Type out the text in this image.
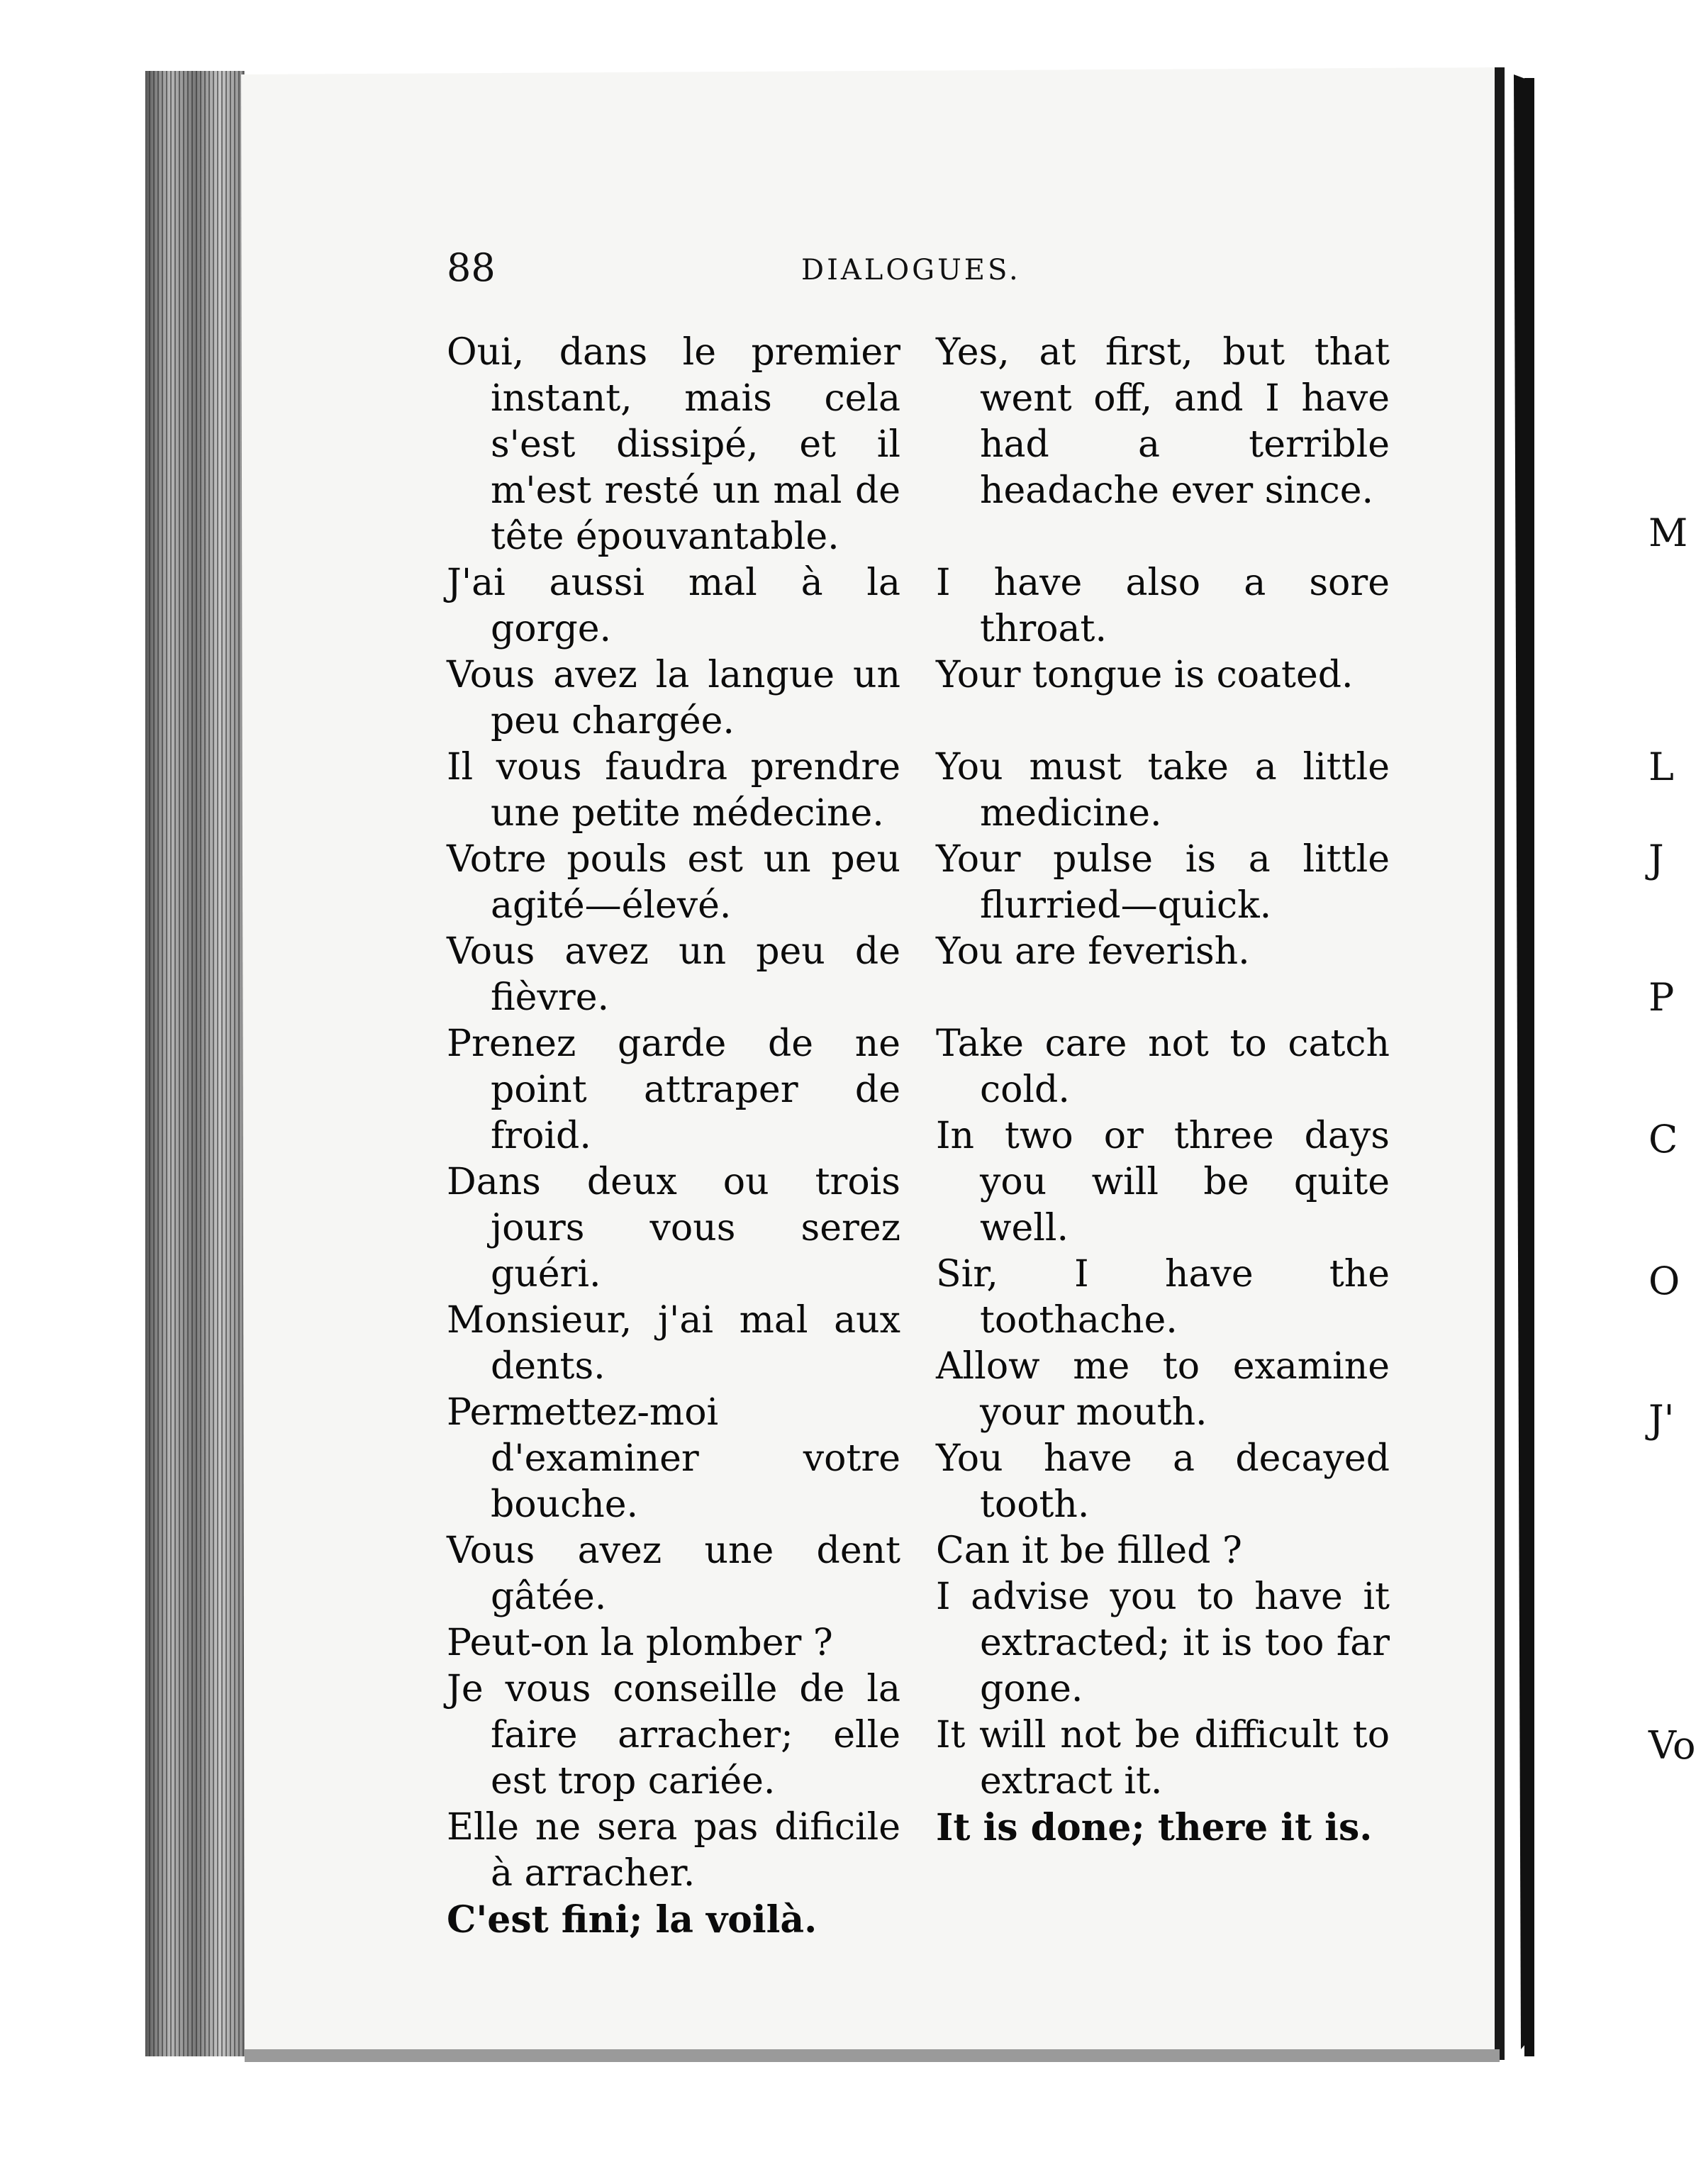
88	DIALOGUES.

Oui, dans le premier instant, mais cela s'est dissipé, et il m'est resté un mal de tête épouvantable.

J'ai aussi mal à la gorge.

Vous avez la langue un peu chargée.

Il vous faudra prendre une petite médecine.

Votre pouls est un peu agité—élevé.

Vous avez un peu de fièvre.

Prenez garde de ne point attraper de froid.

Dans deux ou trois jours vous serez guéri.

Monsieur, j'ai mal aux dents.

Permettez-moi d'examiner votre bouche.

Vous avez une dent gâtée.

Peut-on la plomber ?

Je vous conseille de la faire arracher; elle est trop cariée.

Elle ne sera pas dificile à arracher.

C'est fini; la voilà.

Yes, at first, but that went off, and I have had a terrible headache ever since.

I have also a sore throat.

Your tongue is coated.

You must take a little medicine.

Your pulse is a little flurried—quick.

You are feverish.

Take care not to catch cold.

In two or three days you will be quite well.

Sir, I have the toothache.

Allow me to examine your mouth.

You have a decayed tooth.

Can it be filled ?

I advise you to have it extracted; it is too far gone.

It will not be difficult to extract it.

It is done; there it is.

M
L
J
P
C
O
J'
Vo
